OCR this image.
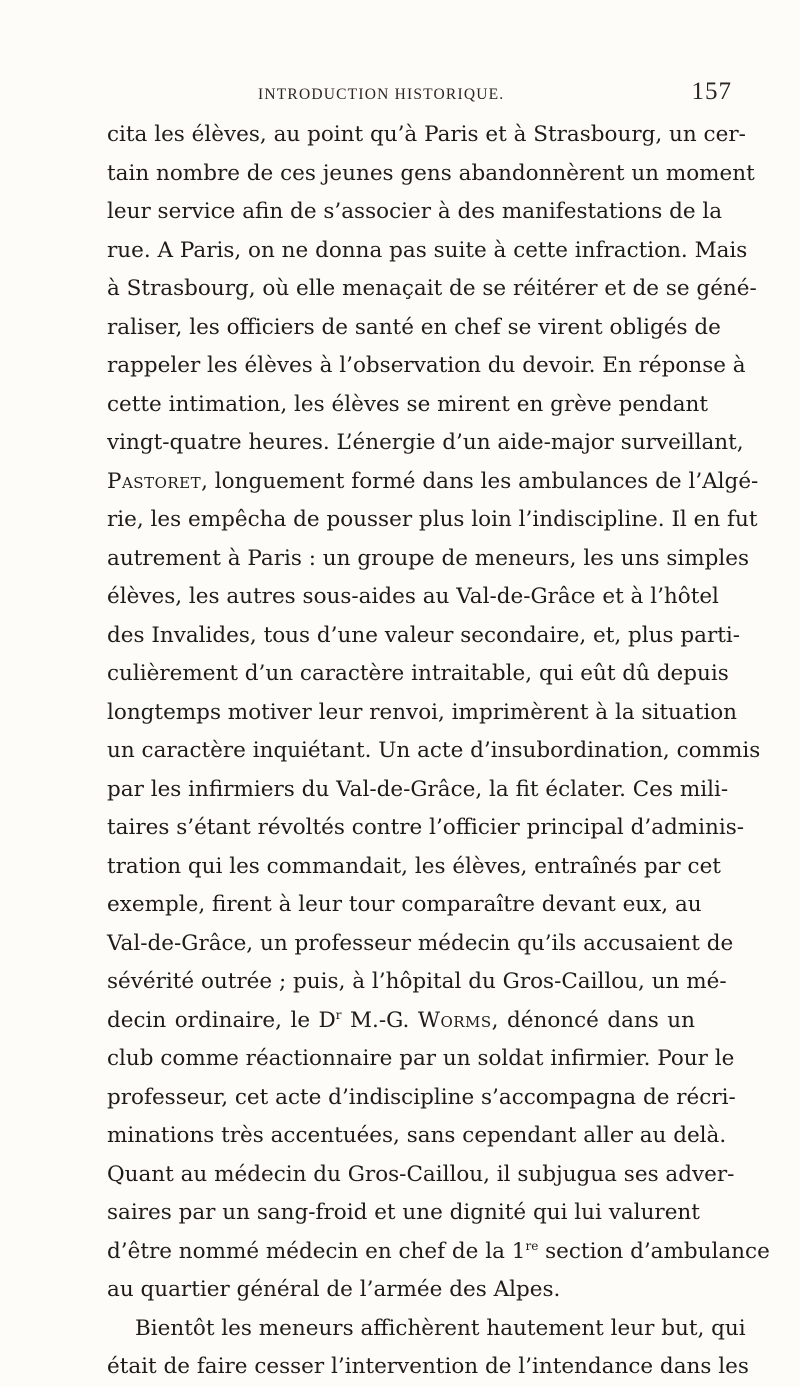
INTRODUCTION HISTORIQUE.	157
cita les élèves, au point qu’à Paris et à Strasbourg, un cer-
tain nombre de ces jeunes gens abandonnèrent un moment
leur service afin de s’associer à des manifestations de la
rue. A Paris, on ne donna pas suite à cette infraction. Mais
à Strasbourg, où elle menaçait de se réitérer et de se géné-
raliser, les officiers de santé en chef se virent obligés de
rappeler les élèves à l’observation du devoir. En réponse à
cette intimation, les élèves se mirent en grève pendant
vingt-quatre heures. L’énergie d’un aide-major surveillant,
Pastoret, longuement formé dans les ambulances de l’Algé-
rie, les empêcha de pousser plus loin l’indiscipline. Il en fut
autrement à Paris : un groupe de meneurs, les uns simples
élèves, les autres sous-aides au Val-de-Grâce et à l’hôtel
des Invalides, tous d’une valeur secondaire, et, plus parti-
culièrement d’un caractère intraitable, qui eût dû depuis
longtemps motiver leur renvoi, imprimèrent à la situation
un caractère inquiétant. Un acte d’insubordination, commis
par les infirmiers du Val-de-Grâce, la fit éclater. Ces mili-
taires s’étant révoltés contre l’officier principal d’adminis-
tration qui les commandait, les élèves, entraînés par cet
exemple, firent à leur tour comparaître devant eux, au
Val-de-Grâce, un professeur médecin qu’ils accusaient de
sévérité outrée ; puis, à l’hôpital du Gros-Caillou, un mé-
decin ordinaire, le $D^r$ M.-G. Worms, dénoncé dans un
club comme réactionnaire par un soldat infirmier. Pour le
professeur, cet acte d’indiscipline s’accompagna de récri-
minations très accentuées, sans cependant aller au delà.
Quant au médecin du Gros-Caillou, il subjugua ses adver-
saires par un sang-froid et une dignité qui lui valurent
d’être nommé médecin en chef de la 1re section d’ambulance
au quartier général de l’armée des Alpes.
Bientôt les meneurs affichèrent hautement leur but, qui
était de faire cesser l’intervention de l’intendance dans les
